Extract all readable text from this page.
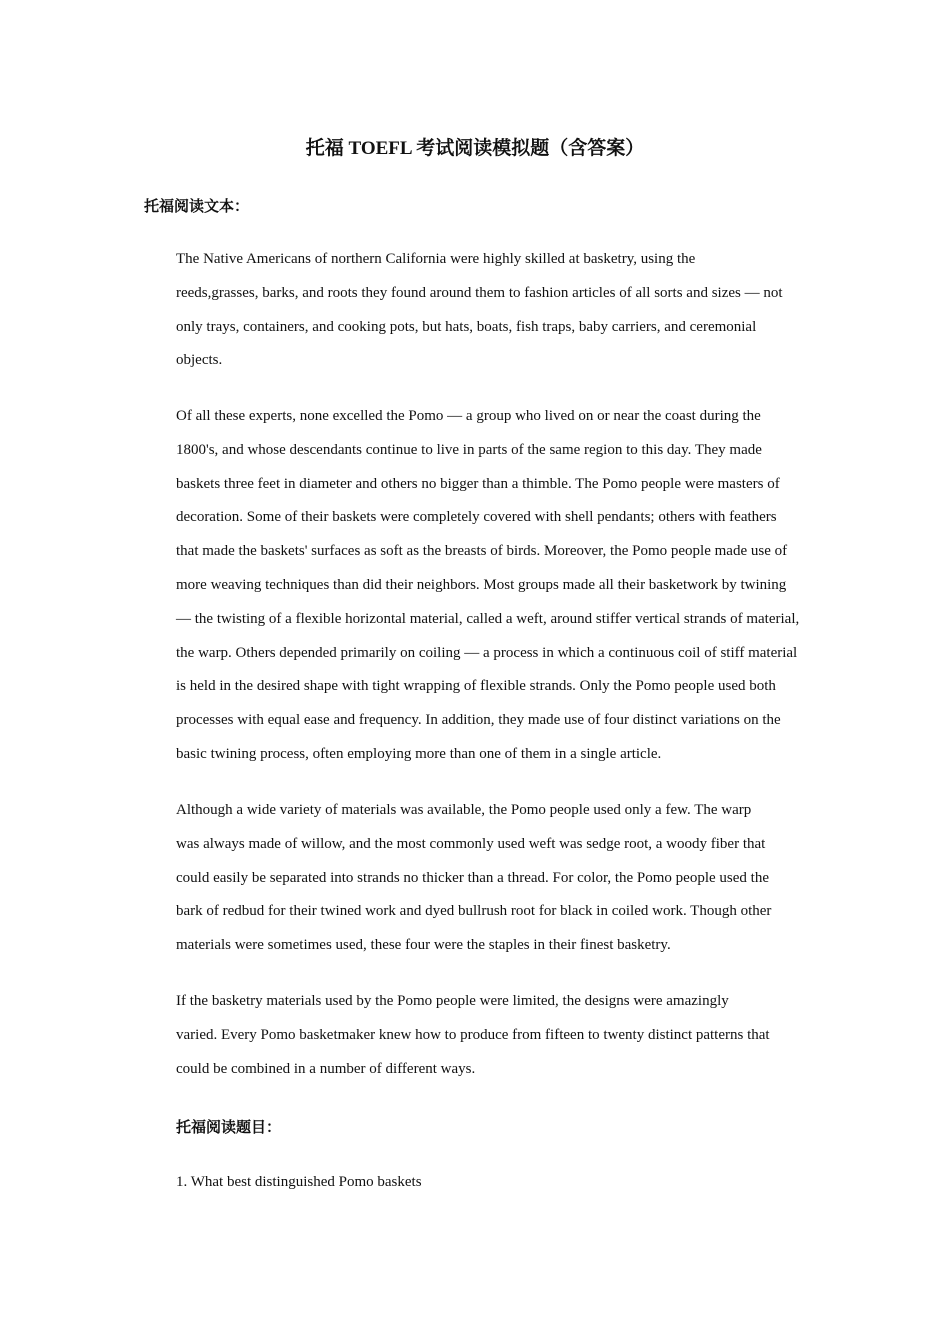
托福 TOEFL 考试阅读模拟题（含答案）
托福阅读文本：

The Native Americans of northern California were highly skilled at basketry, using the
reeds,grasses, barks, and roots they found around them to fashion articles of all sorts and sizes — not
only trays, containers, and cooking pots, but hats, boats, fish traps, baby carriers, and ceremonial
objects.

Of all these experts, none excelled the Pomo — a group who lived on or near the coast during the
1800's, and whose descendants continue to live in parts of the same region to this day. They made
baskets three feet in diameter and others no bigger than a thimble. The Pomo people were masters of
decoration. Some of their baskets were completely covered with shell pendants; others with feathers
that made the baskets' surfaces as soft as the breasts of birds. Moreover, the Pomo people made use of
more weaving techniques than did their neighbors. Most groups made all their basketwork by twining
— the twisting of a flexible horizontal material, called a weft, around stiffer vertical strands of material,
the warp. Others depended primarily on coiling — a process in which a continuous coil of stiff material
is held in the desired shape with tight wrapping of flexible strands. Only the Pomo people used both
processes with equal ease and frequency. In addition, they made use of four distinct variations on the
basic twining process, often employing more than one of them in a single article.

Although a wide variety of materials was available, the Pomo people used only a few. The warp
was always made of willow, and the most commonly used weft was sedge root, a woody fiber that
could easily be separated into strands no thicker than a thread. For color, the Pomo people used the
bark of redbud for their twined work and dyed bullrush root for black in coiled work. Though other
materials were sometimes used, these four were the staples in their finest basketry.

If the basketry materials used by the Pomo people were limited, the designs were amazingly
varied. Every Pomo basketmaker knew how to produce from fifteen to twenty distinct patterns that
could be combined in a number of different ways.

托福阅读题目：
1. What best distinguished Pomo baskets
